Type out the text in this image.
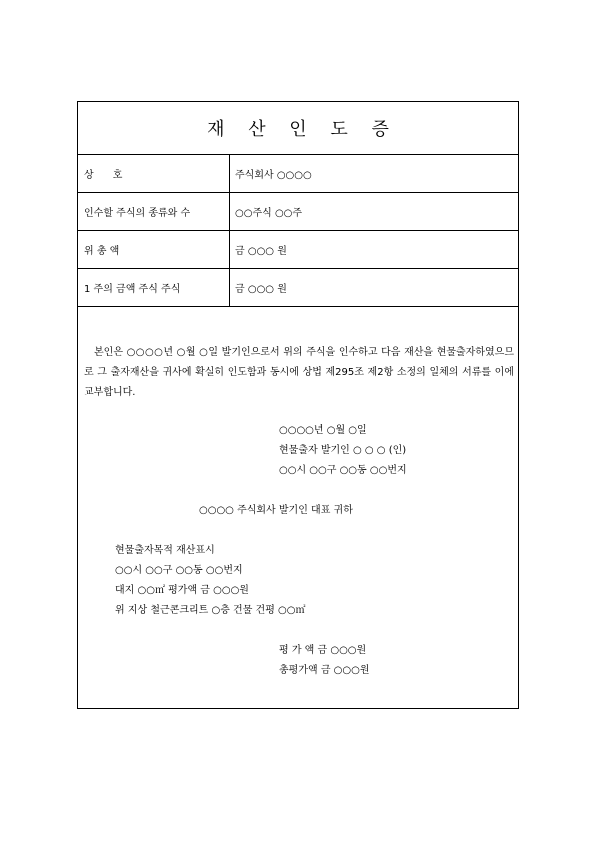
재 산 인 도 증
상      호	주식회사 ○○○○
인수할 주식의 종류와 수	○○주식 ○○주
위 총 액	금 ○○○ 원
1 주의 금액 주식 주식	금 ○○○ 원
본인은 ○○○○년 ○월 ○일 발기인으로서 위의 주식을 인수하고 다음 재산을 현물출자하였으므로 그 출자재산을 귀사에 확실히 인도함과 동시에 상법 제295조 제2항 소정의 일체의 서류를 이에 교부합니다.
○○○○년 ○월 ○일
현물출자 발기인 ○ ○ ○ (인)
○○시 ○○구 ○○동 ○○번지
○○○○ 주식회사 발기인 대표 귀하
현물출자목적 재산표시
○○시 ○○구 ○○동 ○○번지
대지 ○○㎡ 평가액 금 ○○○원
위 지상 철근콘크리트 ○층 건물 건평 ○○㎡
평 가 액 금 ○○○원
총평가액 금 ○○○원
